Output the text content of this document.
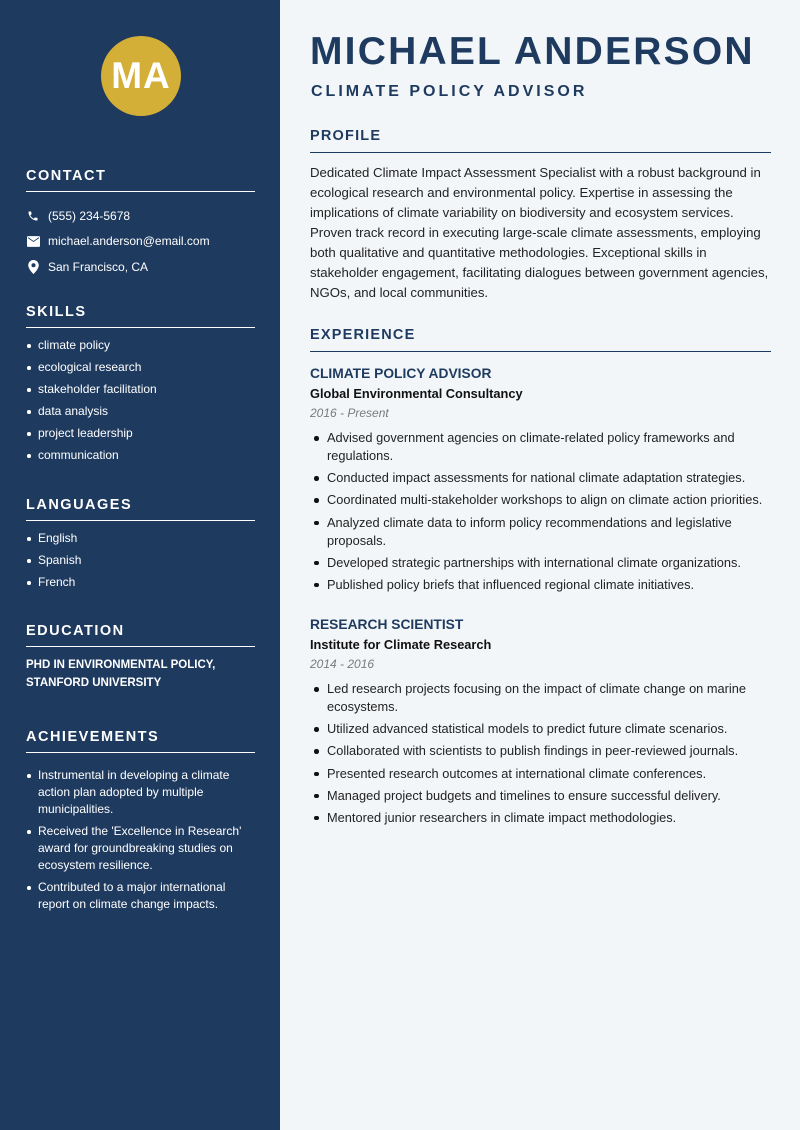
MA
CONTACT
(555) 234-5678
michael.anderson@email.com
San Francisco, CA
SKILLS
climate policy
ecological research
stakeholder facilitation
data analysis
project leadership
communication
LANGUAGES
English
Spanish
French
EDUCATION
PHD IN ENVIRONMENTAL POLICY, STANFORD UNIVERSITY
ACHIEVEMENTS
Instrumental in developing a climate action plan adopted by multiple municipalities.
Received the 'Excellence in Research' award for groundbreaking studies on ecosystem resilience.
Contributed to a major international report on climate change impacts.
MICHAEL ANDERSON
CLIMATE POLICY ADVISOR
PROFILE

Dedicated Climate Impact Assessment Specialist with a robust background in ecological research and environmental policy. Expertise in assessing the implications of climate variability on biodiversity and ecosystem services. Proven track record in executing large-scale climate assessments, employing both qualitative and quantitative methodologies. Exceptional skills in stakeholder engagement, facilitating dialogues between government agencies, NGOs, and local communities.

EXPERIENCE

CLIMATE POLICY ADVISOR

Global Environmental Consultancy

2016 - Present

Advised government agencies on climate-related policy frameworks and regulations.
Conducted impact assessments for national climate adaptation strategies.
Coordinated multi-stakeholder workshops to align on climate action priorities.
Analyzed climate data to inform policy recommendations and legislative proposals.
Developed strategic partnerships with international climate organizations.
Published policy briefs that influenced regional climate initiatives.

RESEARCH SCIENTIST

Institute for Climate Research

2014 - 2016

Led research projects focusing on the impact of climate change on marine ecosystems.
Utilized advanced statistical models to predict future climate scenarios.
Collaborated with scientists to publish findings in peer-reviewed journals.
Presented research outcomes at international climate conferences.
Managed project budgets and timelines to ensure successful delivery.
Mentored junior researchers in climate impact methodologies.
